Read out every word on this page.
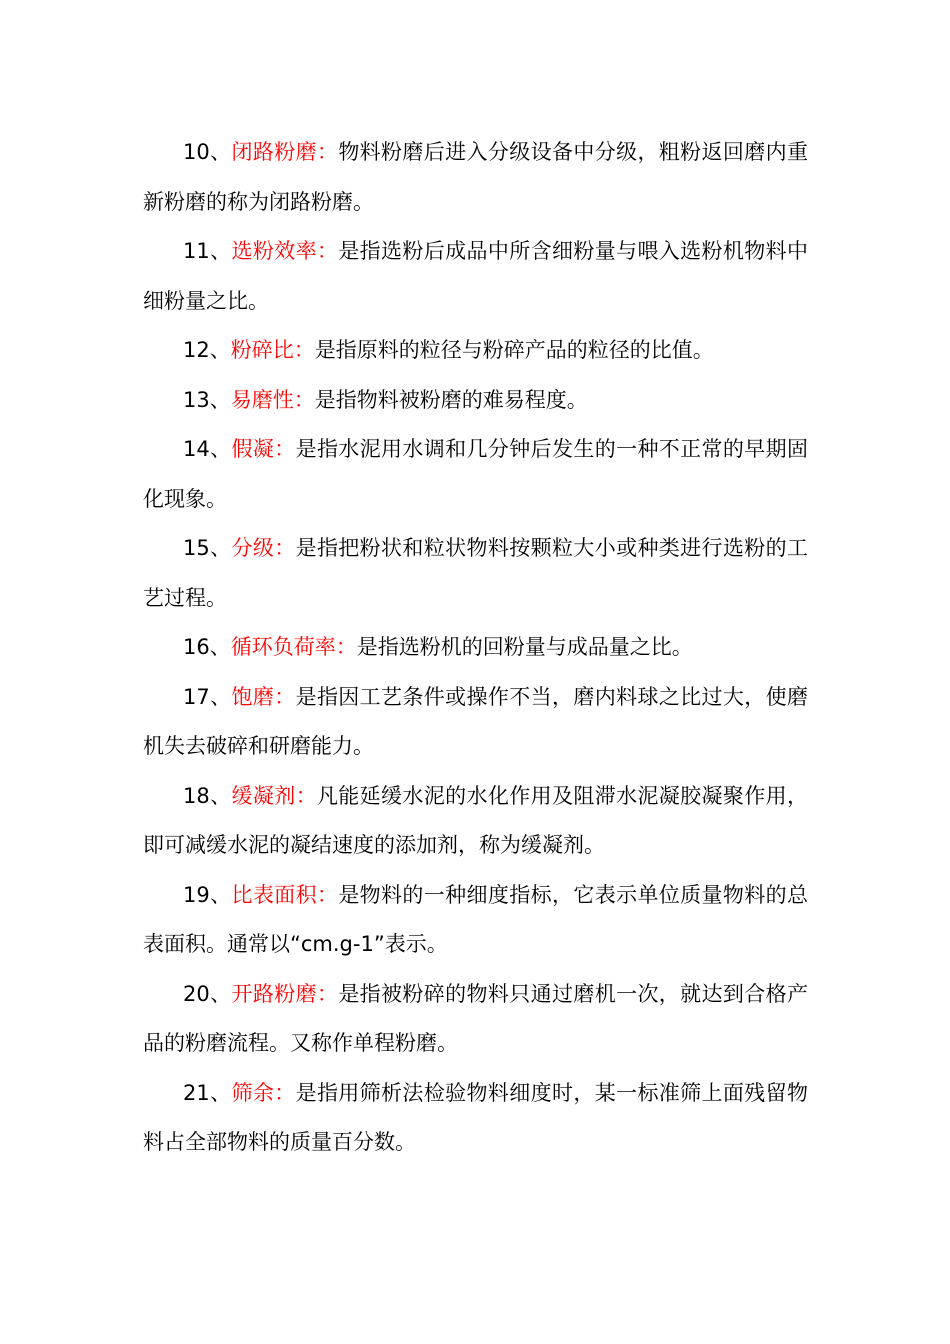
10、闭路粉磨：物料粉磨后进入分级设备中分级，粗粉返回磨内重新粉磨的称为闭路粉磨。

11、选粉效率：是指选粉后成品中所含细粉量与喂入选粉机物料中细粉量之比。

12、粉碎比：是指原料的粒径与粉碎产品的粒径的比值。

13、易磨性：是指物料被粉磨的难易程度。

14、假凝：是指水泥用水调和几分钟后发生的一种不正常的早期固化现象。

15、分级：是指把粉状和粒状物料按颗粒大小或种类进行选粉的工艺过程。

16、循环负荷率：是指选粉机的回粉量与成品量之比。

17、饱磨：是指因工艺条件或操作不当，磨内料球之比过大，使磨机失去破碎和研磨能力。

18、缓凝剂：凡能延缓水泥的水化作用及阻滞水泥凝胶凝聚作用，即可减缓水泥的凝结速度的添加剂，称为缓凝剂。

19、比表面积：是物料的一种细度指标，它表示单位质量物料的总表面积。通常以“cm.g-1”表示。

20、开路粉磨：是指被粉碎的物料只通过磨机一次，就达到合格产品的粉磨流程。又称作单程粉磨。

21、筛余：是指用筛析法检验物料细度时，某一标准筛上面残留物料占全部物料的质量百分数。
